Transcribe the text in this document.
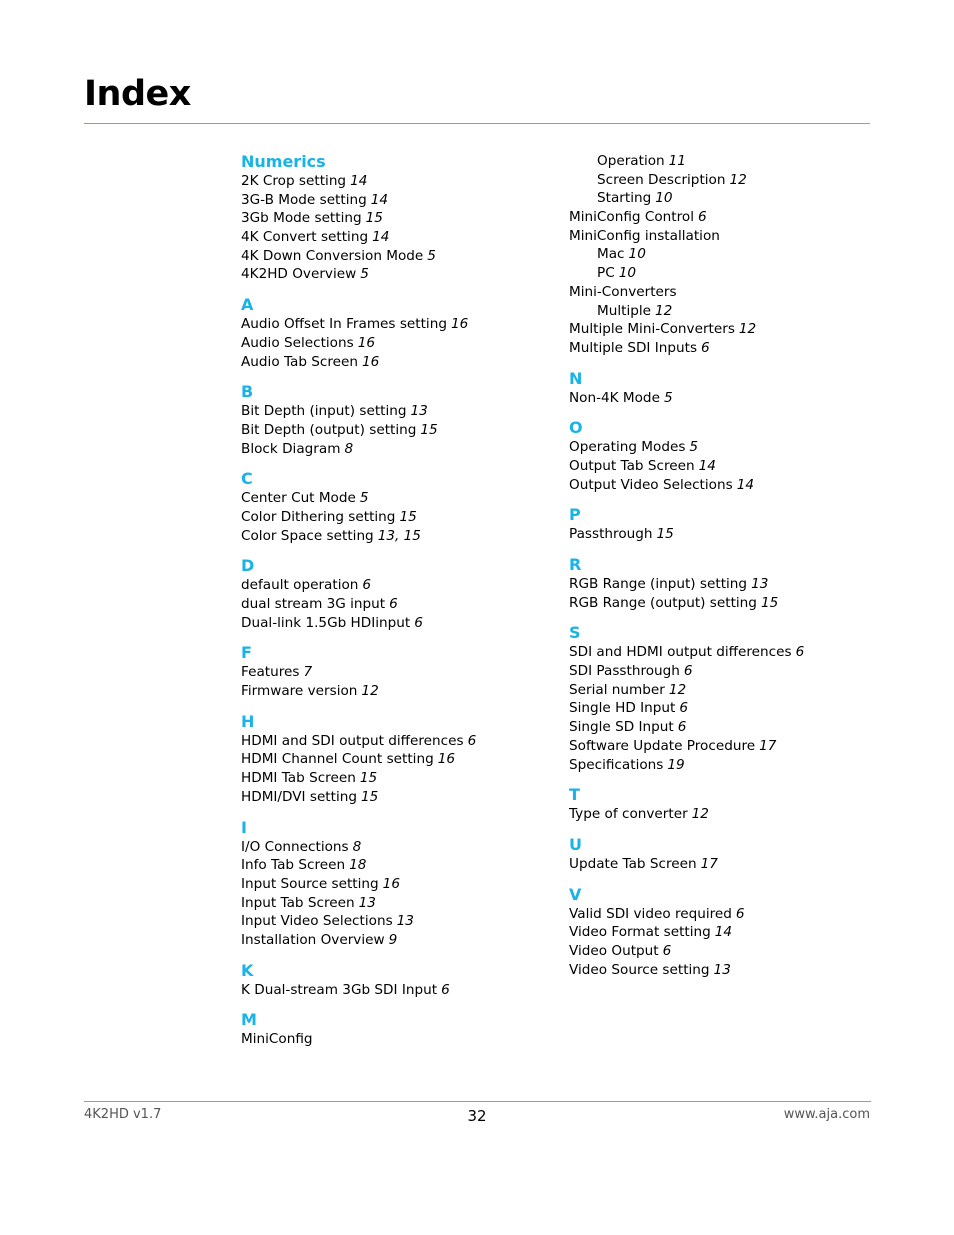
Index
Numerics
2K Crop setting 14
3G-B Mode setting 14
3Gb Mode setting 15
4K Convert setting 14
4K Down Conversion Mode 5
4K2HD Overview 5
A
Audio Offset In Frames setting 16
Audio Selections 16
Audio Tab Screen 16
B
Bit Depth (input) setting 13
Bit Depth (output) setting 15
Block Diagram 8
C
Center Cut Mode 5
Color Dithering setting 15
Color Space setting 13, 15
D
default operation 6
dual stream 3G input 6
Dual-link 1.5Gb HDIinput 6
F
Features 7
Firmware version 12
H
HDMI and SDI output differences 6
HDMI Channel Count setting 16
HDMI Tab Screen 15
HDMI/DVI setting 15
I
I/O Connections 8
Info Tab Screen 18
Input Source setting 16
Input Tab Screen 13
Input Video Selections 13
Installation Overview 9
K
K Dual-stream 3Gb SDI Input 6
M
MiniConfig
Operation 11
Screen Description 12
Starting 10
MiniConfig Control 6
MiniConfig installation
Mac 10
PC 10
Mini-Converters
Multiple 12
Multiple Mini-Converters 12
Multiple SDI Inputs 6
N
Non-4K Mode 5
O
Operating Modes 5
Output Tab Screen 14
Output Video Selections 14
P
Passthrough 15
R
RGB Range (input) setting 13
RGB Range (output) setting 15
S
SDI and HDMI output differences 6
SDI Passthrough 6
Serial number 12
Single HD Input 6
Single SD Input 6
Software Update Procedure 17
Specifications 19
T
Type of converter 12
U
Update Tab Screen 17
V
Valid SDI video required 6
Video Format setting 14
Video Output 6
Video Source setting 13
4K2HD v1.7	32	www.aja.com
